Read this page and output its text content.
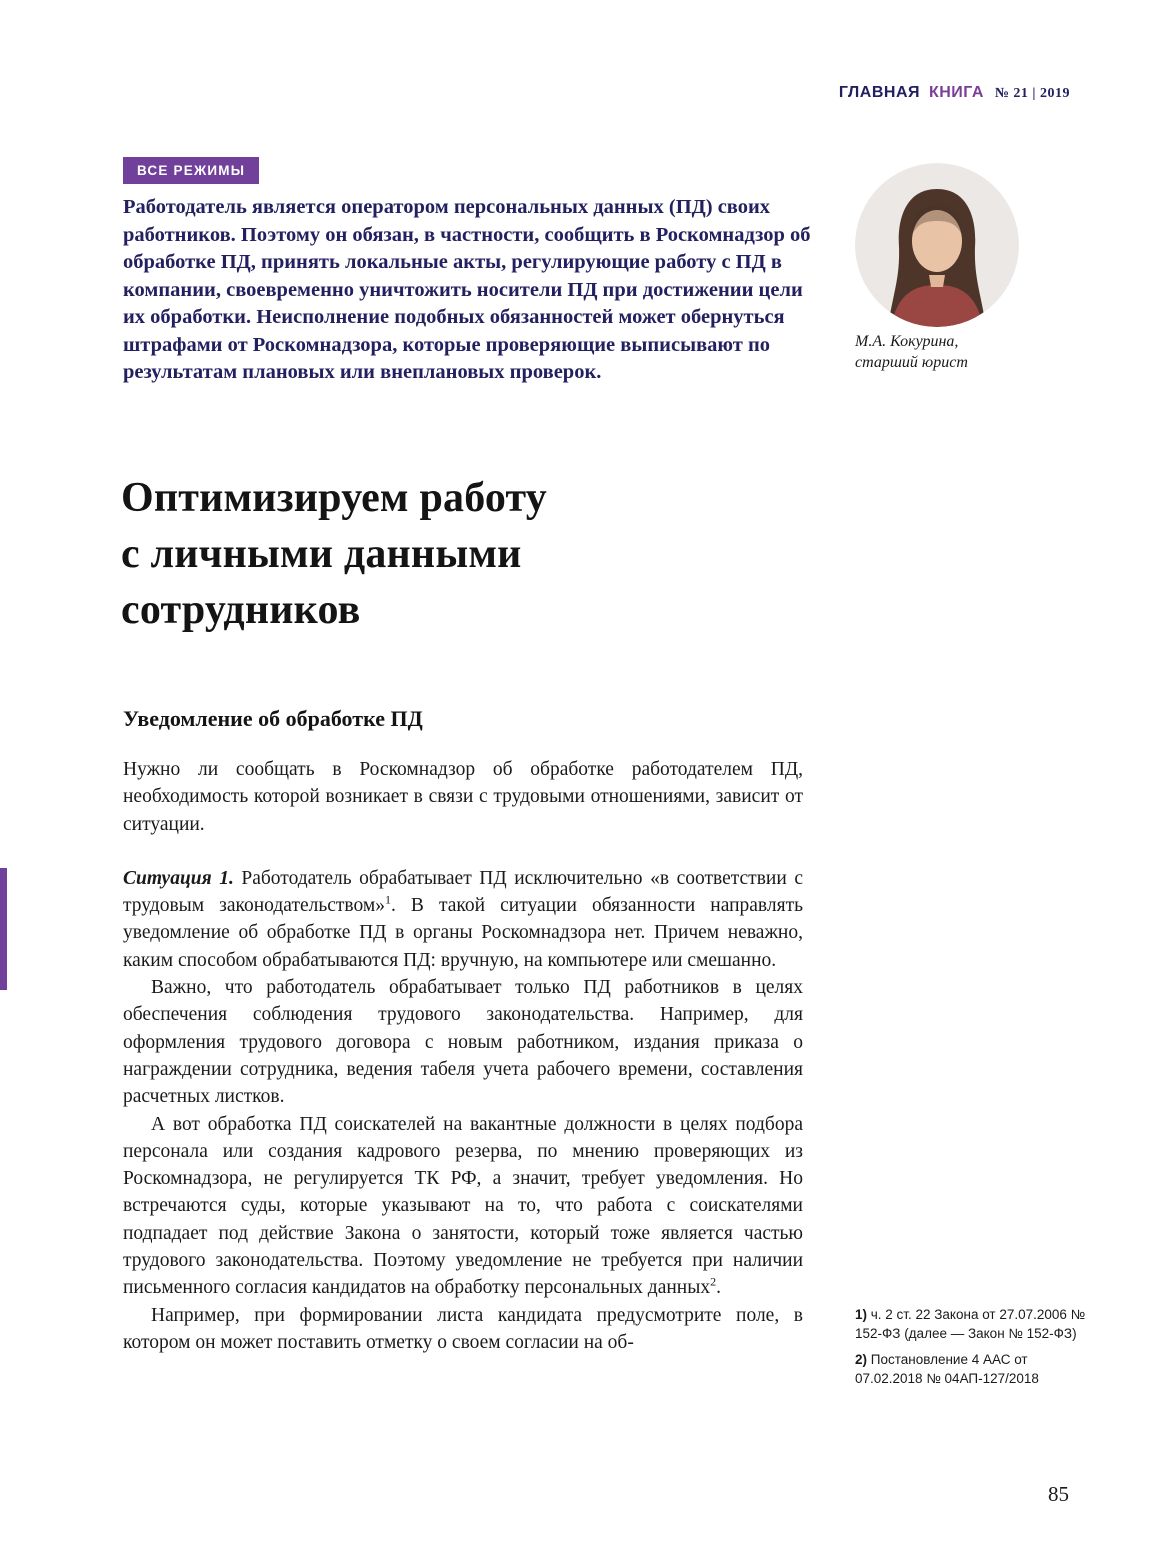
ГЛАВНАЯ КНИГА № 21 | 2019
ВСЕ РЕЖИМЫ
Работодатель является оператором персональных данных (ПД) своих работников. Поэтому он обязан, в частности, сообщить в Роскомнадзор об обработке ПД, принять локальные акты, регулирующие работу с ПД в компании, своевременно уничтожить носители ПД при достижении цели их обработки. Неисполнение подобных обязанностей может обернуться штрафами от Роскомнадзора, которые проверяющие выписывают по результатам плановых или внеплановых проверок.
М.А. Кокурина,
старший юрист
Оптимизируем работу
с личными данными
сотрудников
Уведомление об обработке ПД

Нужно ли сообщать в Роскомнадзор об обработке работодателем ПД, необходимость которой возникает в связи с трудовыми отношениями, зависит от ситуации.

Ситуация 1. Работодатель обрабатывает ПД исключительно «в соответствии с трудовым законодательством»$^1$. В такой ситуации обязанности направлять уведомление об обработке ПД в органы Роскомнадзора нет. Причем неважно, каким способом обрабатываются ПД: вручную, на компьютере или смешанно.

Важно, что работодатель обрабатывает только ПД работников в целях обеспечения соблюдения трудового законодательства. Например, для оформления трудового договора с новым работником, издания приказа о награждении сотрудника, ведения табеля учета рабочего времени, составления расчетных листков.

А вот обработка ПД соискателей на вакантные должности в целях подбора персонала или создания кадрового резерва, по мнению проверяющих из Роскомнадзора, не регулируется ТК РФ, а значит, требует уведомления. Но встречаются суды, которые указывают на то, что работа с соискателями подпадает под действие Закона о занятости, который тоже является частью трудового законодательства. Поэтому уведомление не требуется при наличии письменного согласия кандидатов на обработку персональных данных$^2$.

Например, при формировании листа кандидата предусмотрите поле, в котором он может поставить отметку о своем согласии на об-

1) ч. 2 ст. 22 Закона от 27.07.2006 № 152-ФЗ (далее — Закон № 152-ФЗ)
2) Постановление 4 ААС от 07.02.2018 № 04АП-127/2018
85
